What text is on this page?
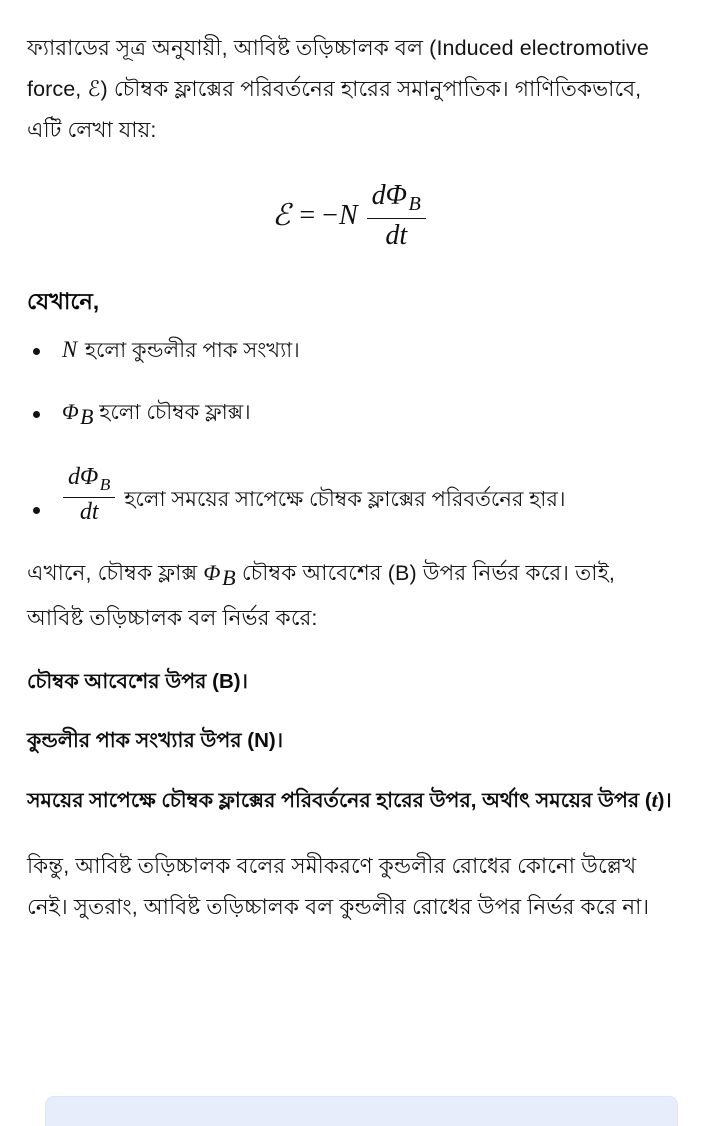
ফ্যারাডের সূত্র অনুযায়ী, আবিষ্ট তড়িচ্চালক বল (Induced electromotive force, ℰ) চৌম্বক ফ্লাক্সের পরিবর্তনের হারের সমানুপাতিক। গাণিতিকভাবে, এটি লেখা যায়:

ℰ = − N $\frac{d\Phi_B}{dt}$
যেখানে,
N হলো কুন্ডলীর পাক সংখ্যা।
ΦB হলো চৌম্বক ফ্লাক্স।
$\frac{d\Phi_B}{dt}$ হলো সময়ের সাপেক্ষে চৌম্বক ফ্লাক্সের পরিবর্তনের হার।

এখানে, চৌম্বক ফ্লাক্স ΦB চৌম্বক আবেশের (B) উপর নির্ভর করে। তাই, আবিষ্ট তড়িচ্চালক বল নির্ভর করে:

চৌম্বক আবেশের উপর (B)।

কুন্ডলীর পাক সংখ্যার উপর (N)।

সময়ের সাপেক্ষে চৌম্বক ফ্লাক্সের পরিবর্তনের হারের উপর, অর্থাৎ সময়ের উপর (t)।

কিন্তু, আবিষ্ট তড়িচ্চালক বলের সমীকরণে কুন্ডলীর রোধের কোনো উল্লেখ নেই। সুতরাং, আবিষ্ট তড়িচ্চালক বল কুন্ডলীর রোধের উপর নির্ভর করে না।
